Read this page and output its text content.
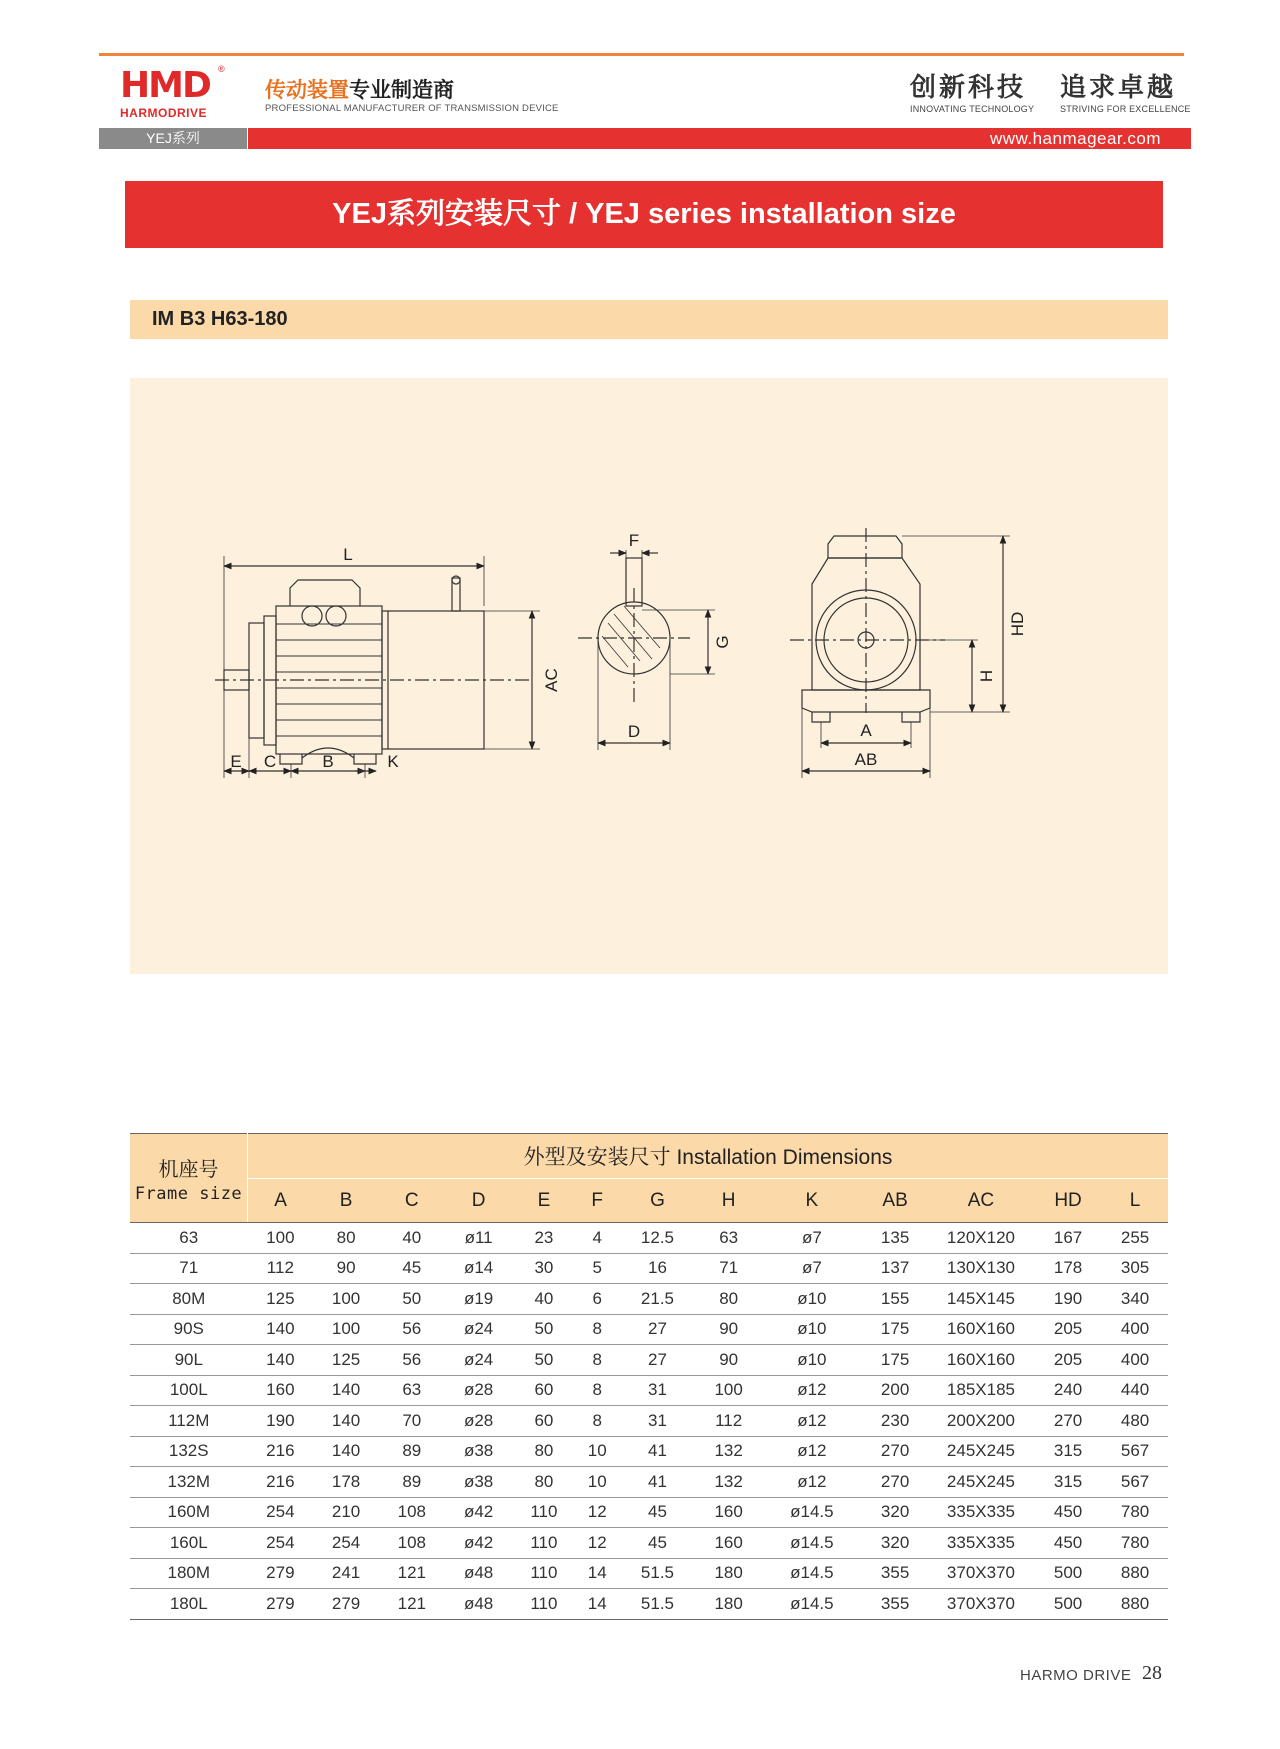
HMD ®
HARMODRIVE
传动装置专业制造商
PROFESSIONAL MANUFACTURER OF TRANSMISSION DEVICE
创新科技
INNOVATING TECHNOLOGY
追求卓越
STRIVING FOR EXCELLENCE
YEJ系列	www.hanmagear.com
YEJ系列安装尺寸 / YEJ series installation size
IM B3 H63-180
L
E C	B	K
AC
F
G
D
HD
H
A
AB
机座号
Frame size	外型及安装尺寸 Installation Dimensions												
	A	B	C	D	E	F	G	H	K	AB	AC	HD	L
63	100	80	40	ø11	23	4	12.5	63	ø7	135	120X120	167	255
71	112	90	45	ø14	30	5	16	71	ø7	137	130X130	178	305
80M	125	100	50	ø19	40	6	21.5	80	ø10	155	145X145	190	340
90S	140	100	56	ø24	50	8	27	90	ø10	175	160X160	205	400
90L	140	125	56	ø24	50	8	27	90	ø10	175	160X160	205	400
100L	160	140	63	ø28	60	8	31	100	ø12	200	185X185	240	440
112M	190	140	70	ø28	60	8	31	112	ø12	230	200X200	270	480
132S	216	140	89	ø38	80	10	41	132	ø12	270	245X245	315	567
132M	216	178	89	ø38	80	10	41	132	ø12	270	245X245	315	567
160M	254	210	108	ø42	110	12	45	160	ø14.5	320	335X335	450	780
160L	254	254	108	ø42	110	12	45	160	ø14.5	320	335X335	450	780
180M	279	241	121	ø48	110	14	51.5	180	ø14.5	355	370X370	500	880
180L	279	279	121	ø48	110	14	51.5	180	ø14.5	355	370X370	500	880
HARMO DRIVE 28
